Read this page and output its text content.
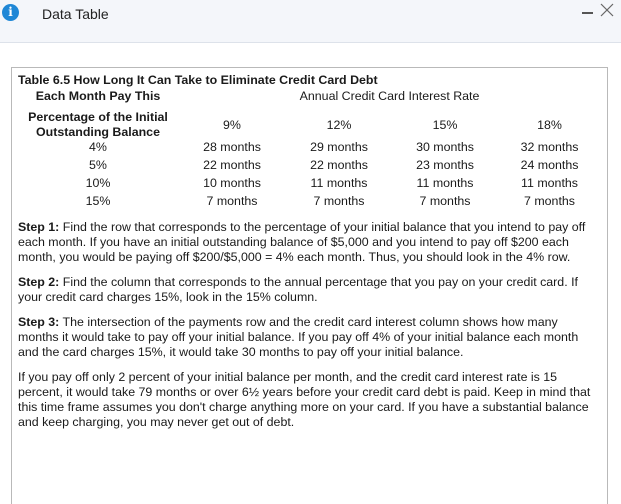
i	Data Table
Table 6.5 How Long It Can Take to Eliminate Credit Card Debt
Each Month Pay This	Annual Credit Card Interest Rate			

Percentage of the Initial
Outstanding Balance	9%	12%	15%	18%
4%	28 months	29 months	30 months	32 months
5%	22 months	22 months	23 months	24 months
10%	10 months	11 months	11 months	11 months
15%	7 months	7 months	7 months	7 months

Step 1: Find the row that corresponds to the percentage of your initial balance that you intend to pay off each month. If you have an initial outstanding balance of $5,000 and you intend to pay off $200 each month, you would be paying off $200/$5,000 = 4% each month. Thus, you should look in the 4% row.

Step 2: Find the column that corresponds to the annual percentage that you pay on your credit card. If your credit card charges 15%, look in the 15% column.

Step 3: The intersection of the payments row and the credit card interest column shows how many months it would take to pay off your initial balance. If you pay off 4% of your initial balance each month and the card charges 15%, it would take 30 months to pay off your initial balance.

If you pay off only 2 percent of your initial balance per month, and the credit card interest rate is 15 percent, it would take 79 months or over 6½ years before your credit card debt is paid. Keep in mind that this time frame assumes you don't charge anything more on your card. If you have a substantial balance and keep charging, you may never get out of debt.
